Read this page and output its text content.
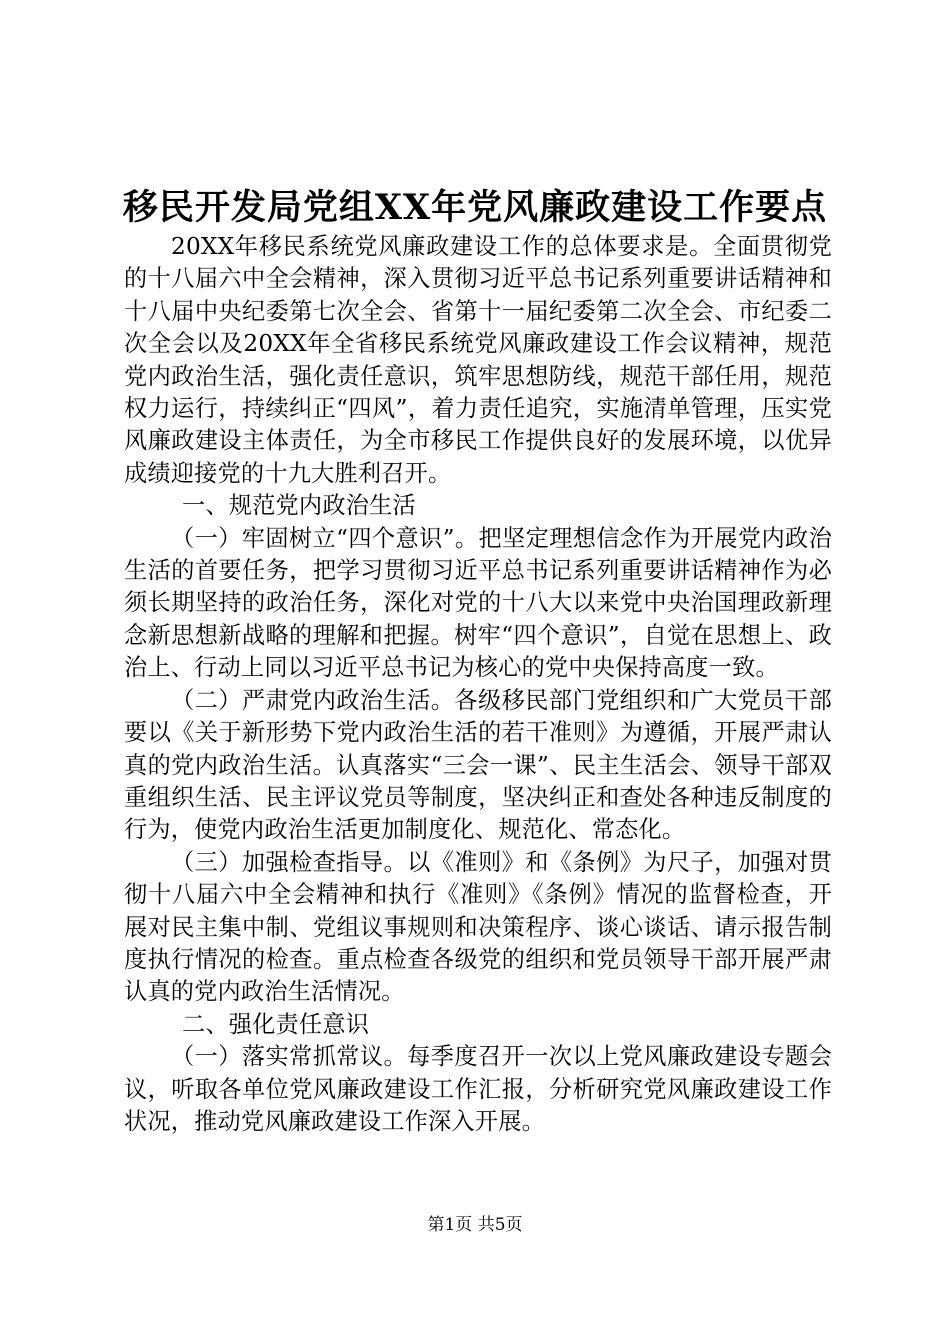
移民开发局党组XX年党风廉政建设工作要点

20XX年移民系统党风廉政建设工作的总体要求是。全面贯彻党的十八届六中全会精神，深入贯彻习近平总书记系列重要讲话精神和十八届中央纪委第七次全会、省第十一届纪委第二次全会、市纪委二次全会以及20XX年全省移民系统党风廉政建设工作会议精神，规范党内政治生活，强化责任意识，筑牢思想防线，规范干部任用，规范权力运行，持续纠正“四风”，着力责任追究，实施清单管理，压实党风廉政建设主体责任，为全市移民工作提供良好的发展环境，以优异成绩迎接党的十九大胜利召开。

一、规范党内政治生活

（一）牢固树立“四个意识”。把坚定理想信念作为开展党内政治生活的首要任务，把学习贯彻习近平总书记系列重要讲话精神作为必须长期坚持的政治任务，深化对党的十八大以来党中央治国理政新理念新思想新战略的理解和把握。树牢“四个意识”，自觉在思想上、政治上、行动上同以习近平总书记为核心的党中央保持高度一致。

（二）严肃党内政治生活。各级移民部门党组织和广大党员干部要以《关于新形势下党内政治生活的若干准则》为遵循，开展严肃认真的党内政治生活。认真落实“三会一课”、民主生活会、领导干部双重组织生活、民主评议党员等制度，坚决纠正和查处各种违反制度的行为，使党内政治生活更加制度化、规范化、常态化。

（三）加强检查指导。以《准则》和《条例》为尺子，加强对贯彻十八届六中全会精神和执行《准则》《条例》情况的监督检查，开展对民主集中制、党组议事规则和决策程序、谈心谈话、请示报告制度执行情况的检查。重点检查各级党的组织和党员领导干部开展严肃认真的党内政治生活情况。

二、强化责任意识

（一）落实常抓常议。每季度召开一次以上党风廉政建设专题会议，听取各单位党风廉政建设工作汇报，分析研究党风廉政建设工作状况，推动党风廉政建设工作深入开展。

第1页 共5页
